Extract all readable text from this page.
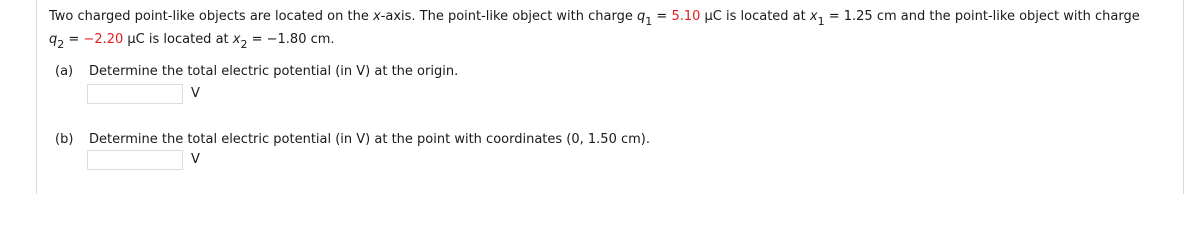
Two charged point-like objects are located on the x-axis. The point-like object with charge $q_1 = 5.10$ μC is located at $x_1 = 1.25$ cm and the point-like object with charge
$q_2 = -2.20$ μC is located at $x_2 = -1.80$ cm.
(a) Determine the total electric potential (in V) at the origin.
V
(b) Determine the total electric potential (in V) at the point with coordinates (0, 1.50 cm).
V
